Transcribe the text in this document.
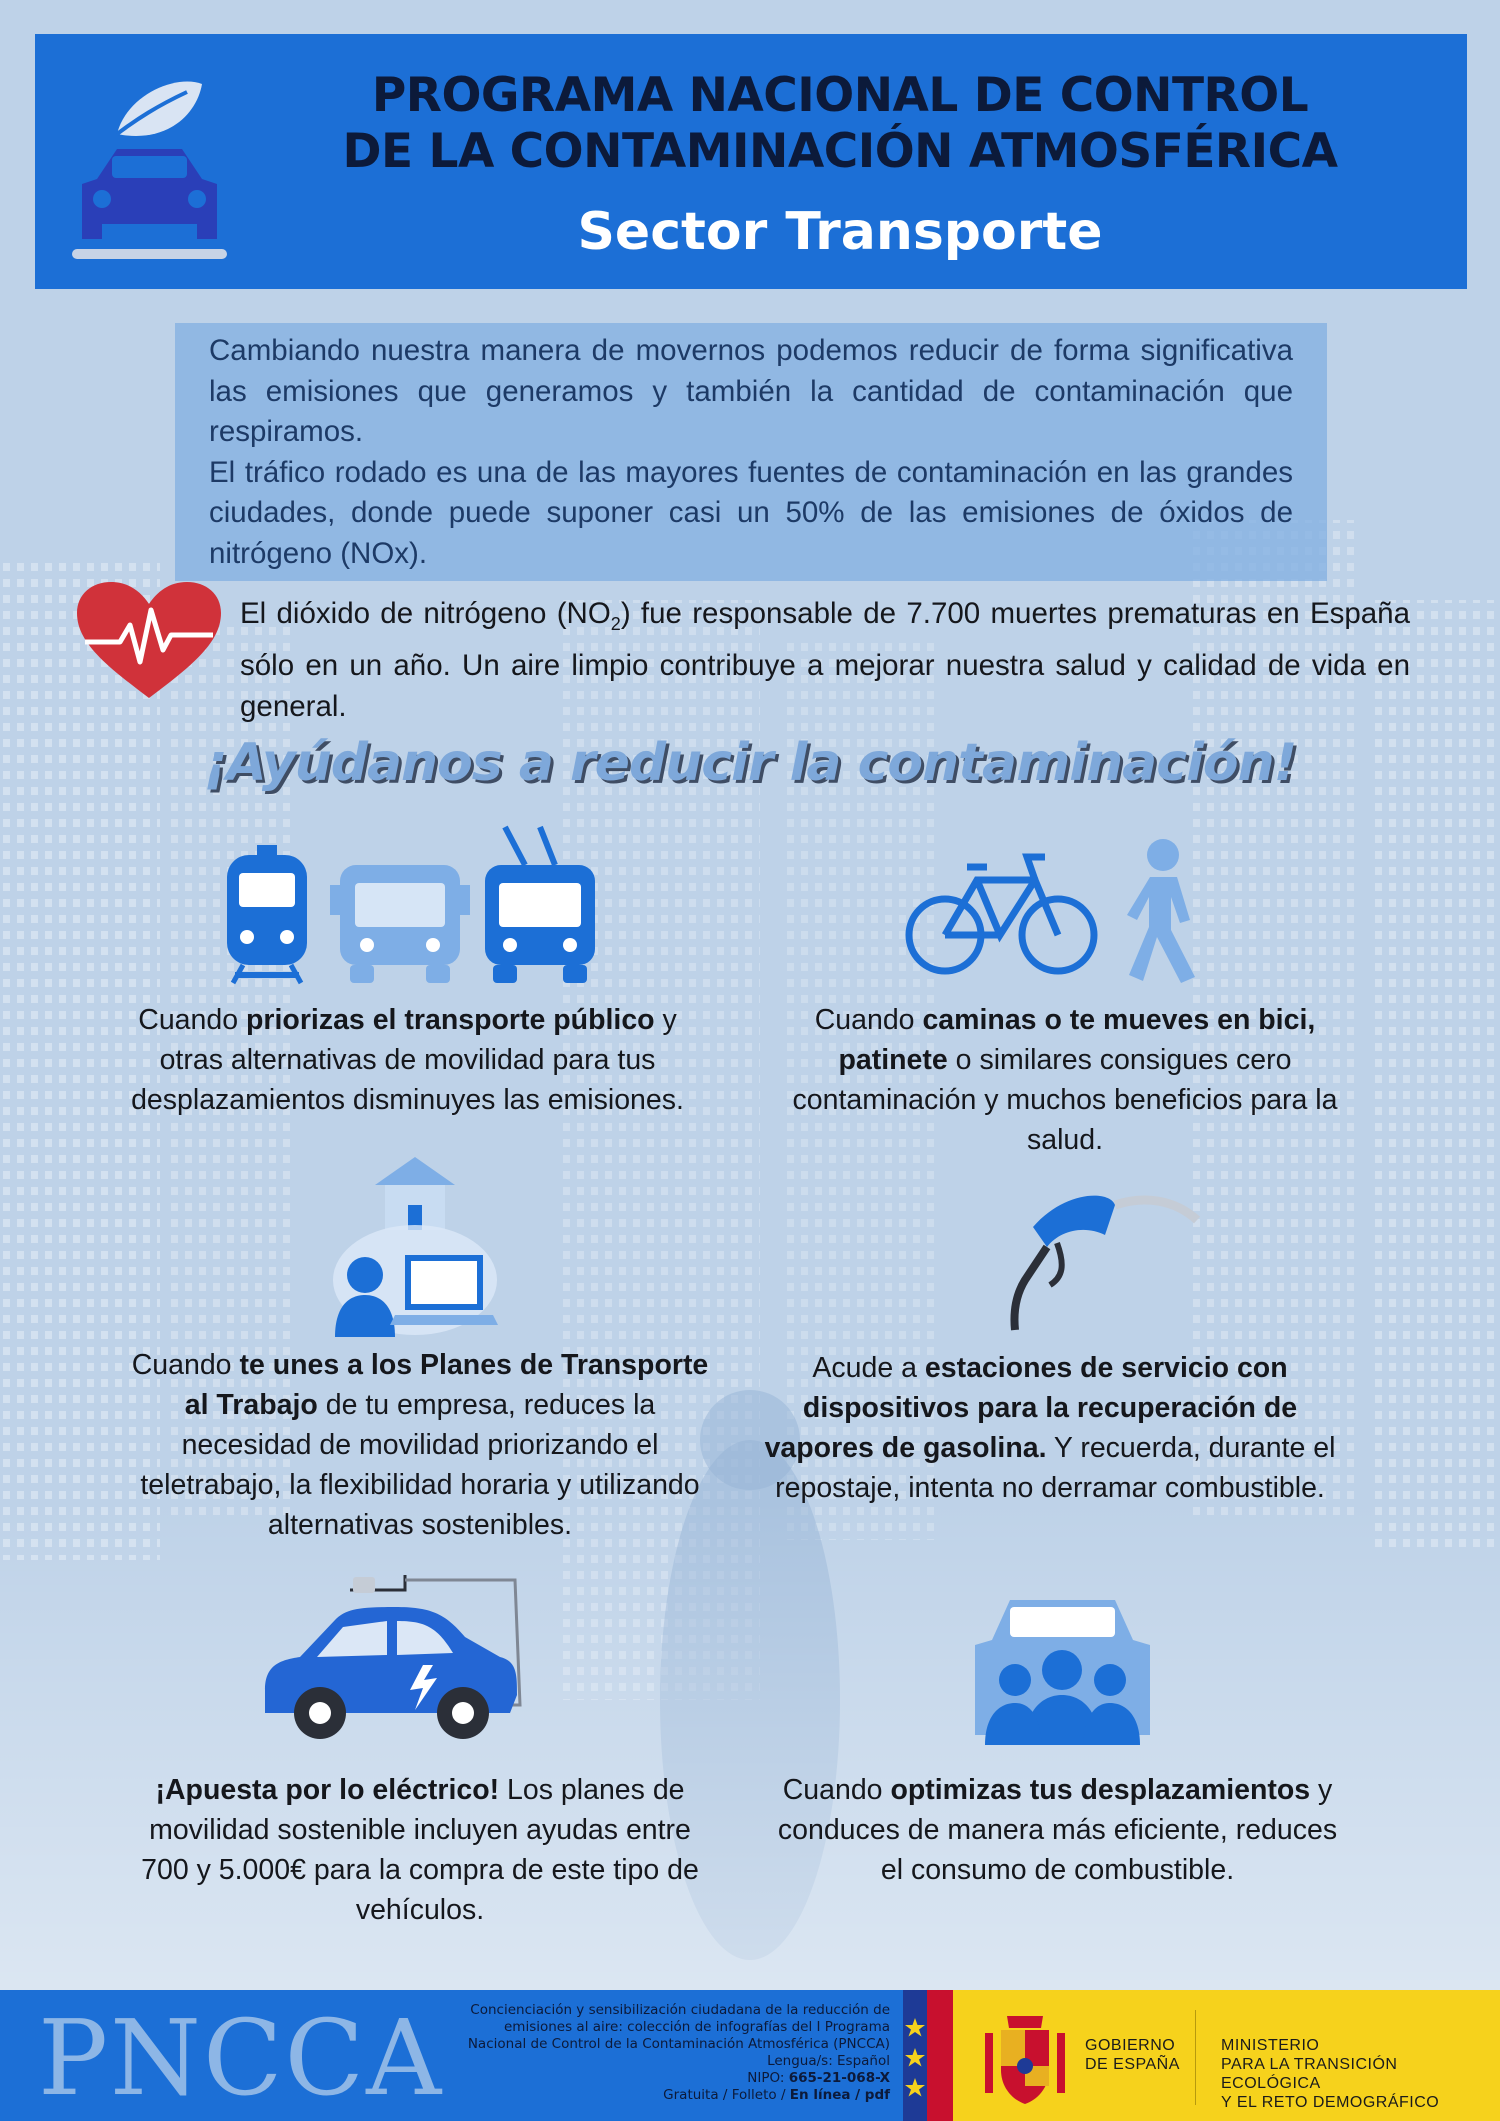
PROGRAMA NACIONAL DE CONTROL
DE LA CONTAMINACIÓN ATMOSFÉRICA
Sector Transporte

Cambiando nuestra manera de movernos podemos reducir de forma significativa las emisiones que generamos y también la cantidad de contaminación que respiramos.

El tráfico rodado es una de las mayores fuentes de contaminación en las grandes ciudades, donde puede suponer casi un 50% de las emisiones de óxidos de nitrógeno (NOx).

El dióxido de nitrógeno $(NO_2)$ fue responsable de 7.700 muertes prematuras en España sólo en un año. Un aire limpio contribuye a mejorar nuestra salud y calidad de vida en general.
¡Ayúdanos a reducir la contaminación!
Cuando priorizas el transporte público y otras alternativas de movilidad para tus desplazamientos disminuyes las emisiones.
Cuando caminas o te mueves en bici, patinete o similares consigues cero contaminación y muchos beneficios para la salud.
Cuando te unes a los Planes de Transporte al Trabajo de tu empresa, reduces la necesidad de movilidad priorizando el teletrabajo, la flexibilidad horaria y utilizando alternativas sostenibles.
Acude a estaciones de servicio con dispositivos para la recuperación de vapores de gasolina. Y recuerda, durante el repostaje, intenta no derramar combustible.
¡Apuesta por lo eléctrico! Los planes de movilidad sostenible incluyen ayudas entre 700 y 5.000€ para la compra de este tipo de vehículos.
Cuando optimizas tus desplazamientos y conduces de manera más eficiente, reduces el consumo de combustible.
PNCCA	Concienciación y sensibilización ciudadana de la reducción de
emisiones al aire: colección de infografías del I Programa
Nacional de Control de la Contaminación Atmosférica (PNCCA)
Lengua/s: Español
NIPO: 665-21-068-X
Gratuita / Folleto / En línea / pdf
GOBIERNO
DE ESPAÑA
MINISTERIO
PARA LA TRANSICIÓN ECOLÓGICA
Y EL RETO DEMOGRÁFICO
